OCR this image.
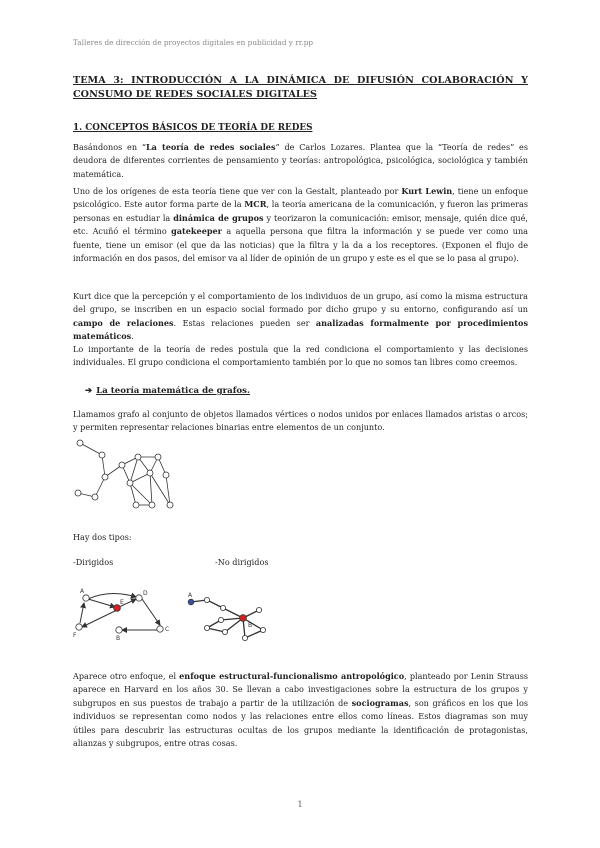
Talleres de dirección de proyectos digitales en publicidad y rr.pp
TEMA 3: INTRODUCCIÓN A LA DINÁMICA DE DIFUSIÓN COLABORACIÓN Y CONSUMO DE REDES SOCIALES DIGITALES
1. CONCEPTOS BÁSICOS DE TEORÍA DE REDES
Basándonos en “La teoría de redes sociales” de Carlos Lozares. Plantea que la “Teoría de redes” es deudora de diferentes corrientes de pensamiento y teorías: antropológica, psicológica, sociológica y también matemática.
Uno de los orígenes de esta teoría tiene que ver con la Gestalt, planteado por Kurt Lewin, tiene un enfoque psicológico. Este autor forma parte de la MCR, la teoría americana de la comunicación, y fueron las primeras personas en estudiar la dinámica de grupos y teorizaron la comunicación: emisor, mensaje, quién dice qué, etc. Acuñó el término gatekeeper a aquella persona que filtra la información y se puede ver como una fuente, tiene un emisor (el que da las noticias) que la filtra y la da a los receptores. (Exponen el flujo de información en dos pasos, del emisor va al líder de opinión de un grupo y este es el que se lo pasa al grupo).
Kurt dice que la percepción y el comportamiento de los individuos de un grupo, así como la misma estructura del grupo, se inscriben en un espacio social formado por dicho grupo y su entorno, configurando así un campo de relaciones. Estas relaciones pueden ser analizadas formalmente por procedimientos matemáticos.
Lo importante de la teoría de redes postula que la red condiciona el comportamiento y las decisiones individuales. El grupo condiciona el comportamiento también por lo que no somos tan libres como creemos.
➔ La teoría matemática de grafos.
Llamamos grafo al conjunto de objetos llamados vértices o nodos unidos por enlaces llamados aristas o arcos; y permiten representar relaciones binarias entre elementos de un conjunto.
Hay dos tipos:
-Dirigidos	-No dirigidos
A
E
D
C
B
F
A
B
Aparece otro enfoque, el enfoque estructural-funcionalismo antropológico, planteado por Lenin Strauss aparece en Harvard en los años 30. Se llevan a cabo investigaciones sobre la estructura de los grupos y subgrupos en sus puestos de trabajo a partir de la utilización de sociogramas, son gráficos en los que los individuos se representan como nodos y las relaciones entre ellos como líneas. Estos diagramas son muy útiles para descubrir las estructuras ocultas de los grupos mediante la identificación de protagonistas, alianzas y subgrupos, entre otras cosas.
1
